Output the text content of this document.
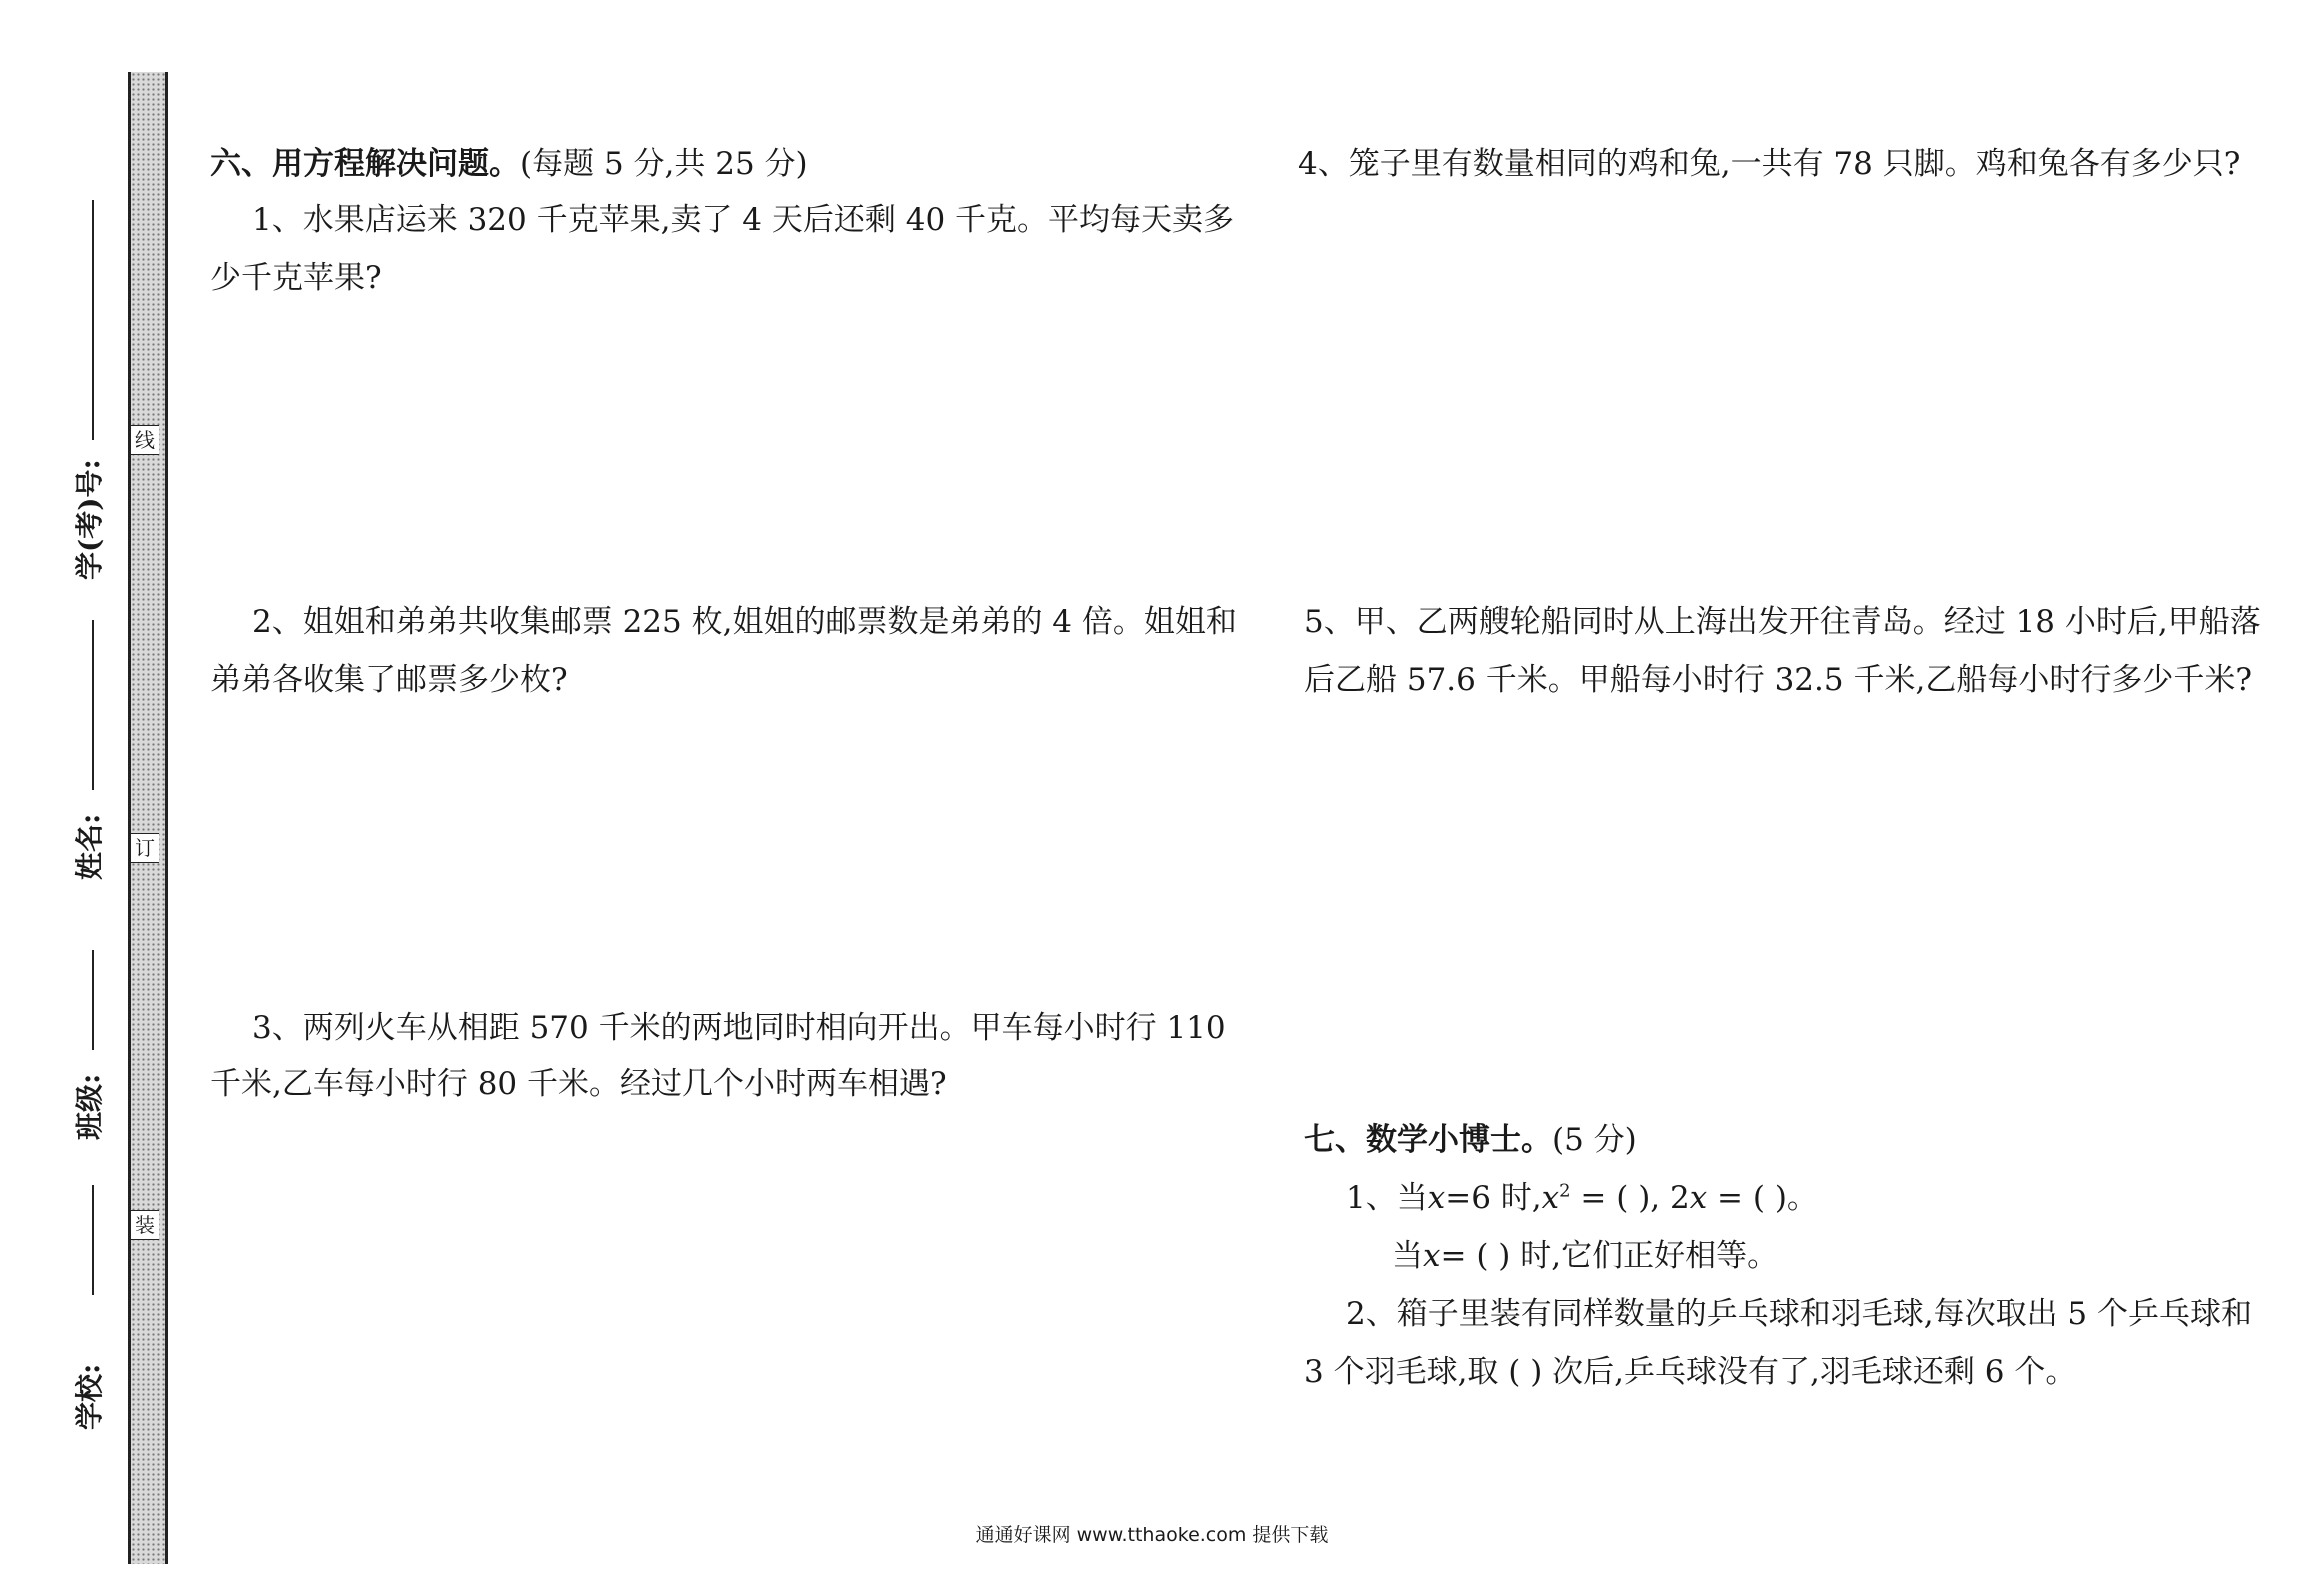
学(考)号:
姓名:
班级:
学校:
线
订
装
六、用方程解决问题。(每题 5 分,共 25 分)
1、水果店运来 320 千克苹果,卖了 4 天后还剩 40 千克。平均每天卖多
少千克苹果?
2、姐姐和弟弟共收集邮票 225 枚,姐姐的邮票数是弟弟的 4 倍。姐姐和
弟弟各收集了邮票多少枚?
3、两列火车从相距 570 千米的两地同时相向开出。甲车每小时行 110
千米,乙车每小时行 80 千米。经过几个小时两车相遇?
4、笼子里有数量相同的鸡和兔,一共有 78 只脚。鸡和兔各有多少只?
5、甲、乙两艘轮船同时从上海出发开往青岛。经过 18 小时后,甲船落
后乙船 57.6 千米。甲船每小时行 32.5 千米,乙船每小时行多少千米?
七、数学小博士。(5 分)
1、当x=6 时$,x^2$ = ( ), 2x = ( )。
当x= ( ) 时,它们正好相等。
2、箱子里装有同样数量的乒乓球和羽毛球,每次取出 5 个乒乓球和
3 个羽毛球,取 ( ) 次后,乒乓球没有了,羽毛球还剩 6 个。
通通好课网 www.tthaoke.com 提供下载
